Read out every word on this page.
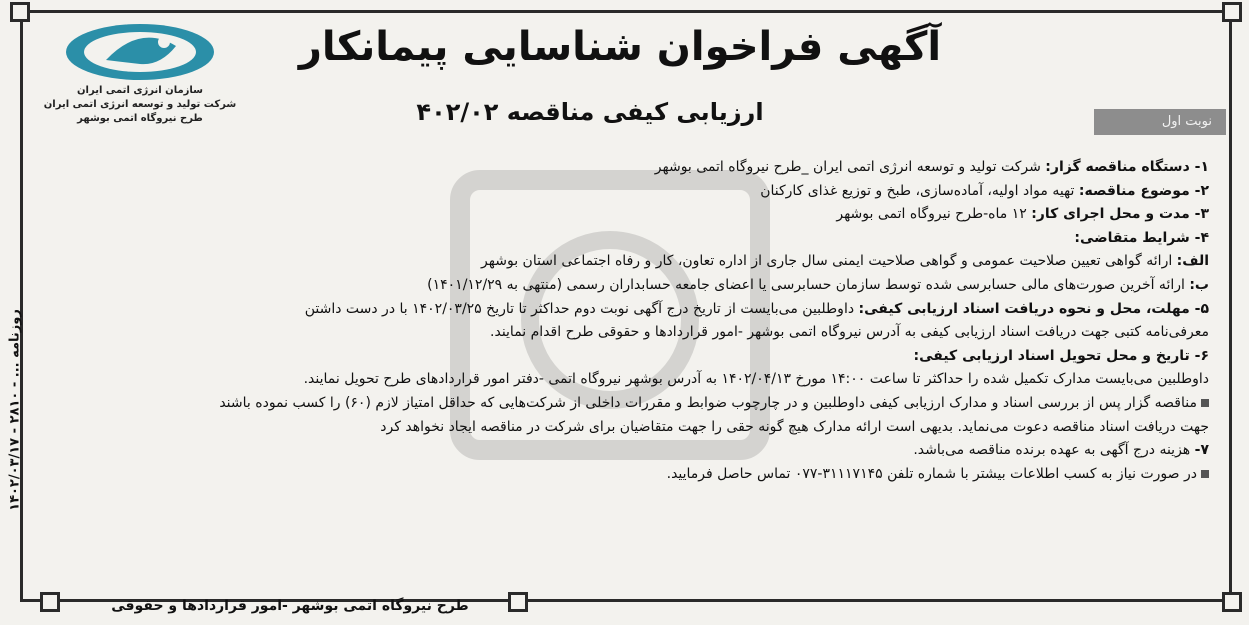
سازمان انرژی اتمی ایران
شرکت تولید و توسعه انرژی اتمی ایران
طرح نیروگاه اتمی بوشهر
آگهی فراخوان شناسایی پیمانکار
ارزیابی کیفی مناقصه ۴۰۲/۰۲	نوبت اول
روزنامه ... - ۲۸۱۰ - ۱۴۰۲/۰۳/۱۷
۱- دستگاه مناقصه گزار: شرکت تولید و توسعه انرژی اتمی ایران _طرح نیروگاه اتمی بوشهر
۲- موضوع مناقصه: تهیه مواد اولیه، آماده‌سازی، طبخ و توزیع غذای کارکنان
۳- مدت و محل اجرای کار: ۱۲ ماه-طرح نیروگاه اتمی بوشهر
۴- شرایط متقاضی:
الف: ارائه گواهی تعیین صلاحیت عمومی و گواهی صلاحیت ایمنی سال جاری از اداره تعاون، کار و رفاه اجتماعی استان بوشهر
ب: ارائه آخرین صورت‌های مالی حسابرسی شده توسط سازمان حسابرسی یا اعضای جامعه حسابداران رسمی (منتهی به ۱۴۰۱/۱۲/۲۹)
۵- مهلت، محل و نحوه دریافت اسناد ارزیابی کیفی: داوطلبین می‌بایست از تاریخ درج آگهی نوبت دوم حداکثر تا تاریخ ۱۴۰۲/۰۳/۲۵ با در دست داشتن
معرفی‌نامه کتبی جهت دریافت اسناد ارزیابی کیفی به آدرس نیروگاه اتمی بوشهر -امور قراردادها و حقوقی طرح اقدام نمایند.
۶- تاریخ و محل تحویل اسناد ارزیابی کیفی:
داوطلبین می‌بایست مدارک تکمیل شده را حداکثر تا ساعت ۱۴:۰۰ مورخ ۱۴۰۲/۰۴/۱۳ به آدرس بوشهر نیروگاه اتمی -دفتر امور قراردادهای طرح تحویل نمایند.
مناقصه گزار پس از بررسی اسناد و مدارک ارزیابی کیفی داوطلبین و در چارچوب ضوابط و مقررات داخلی از شرکت‌هایی که حداقل امتیاز لازم (۶۰) را کسب نموده باشند
جهت دریافت اسناد مناقصه دعوت می‌نماید. بدیهی است ارائه مدارک هیچ گونه حقی را جهت متقاضیان برای شرکت در مناقصه ایجاد نخواهد کرد
۷- هزینه درج آگهی به عهده برنده مناقصه می‌باشد.
در صورت نیاز به کسب اطلاعات بیشتر با شماره تلفن ۳۱۱۱۷۱۴۵-۰۷۷ تماس حاصل فرمایید.
طرح نیروگاه اتمی بوشهر -امور قراردادها و حقوقی
